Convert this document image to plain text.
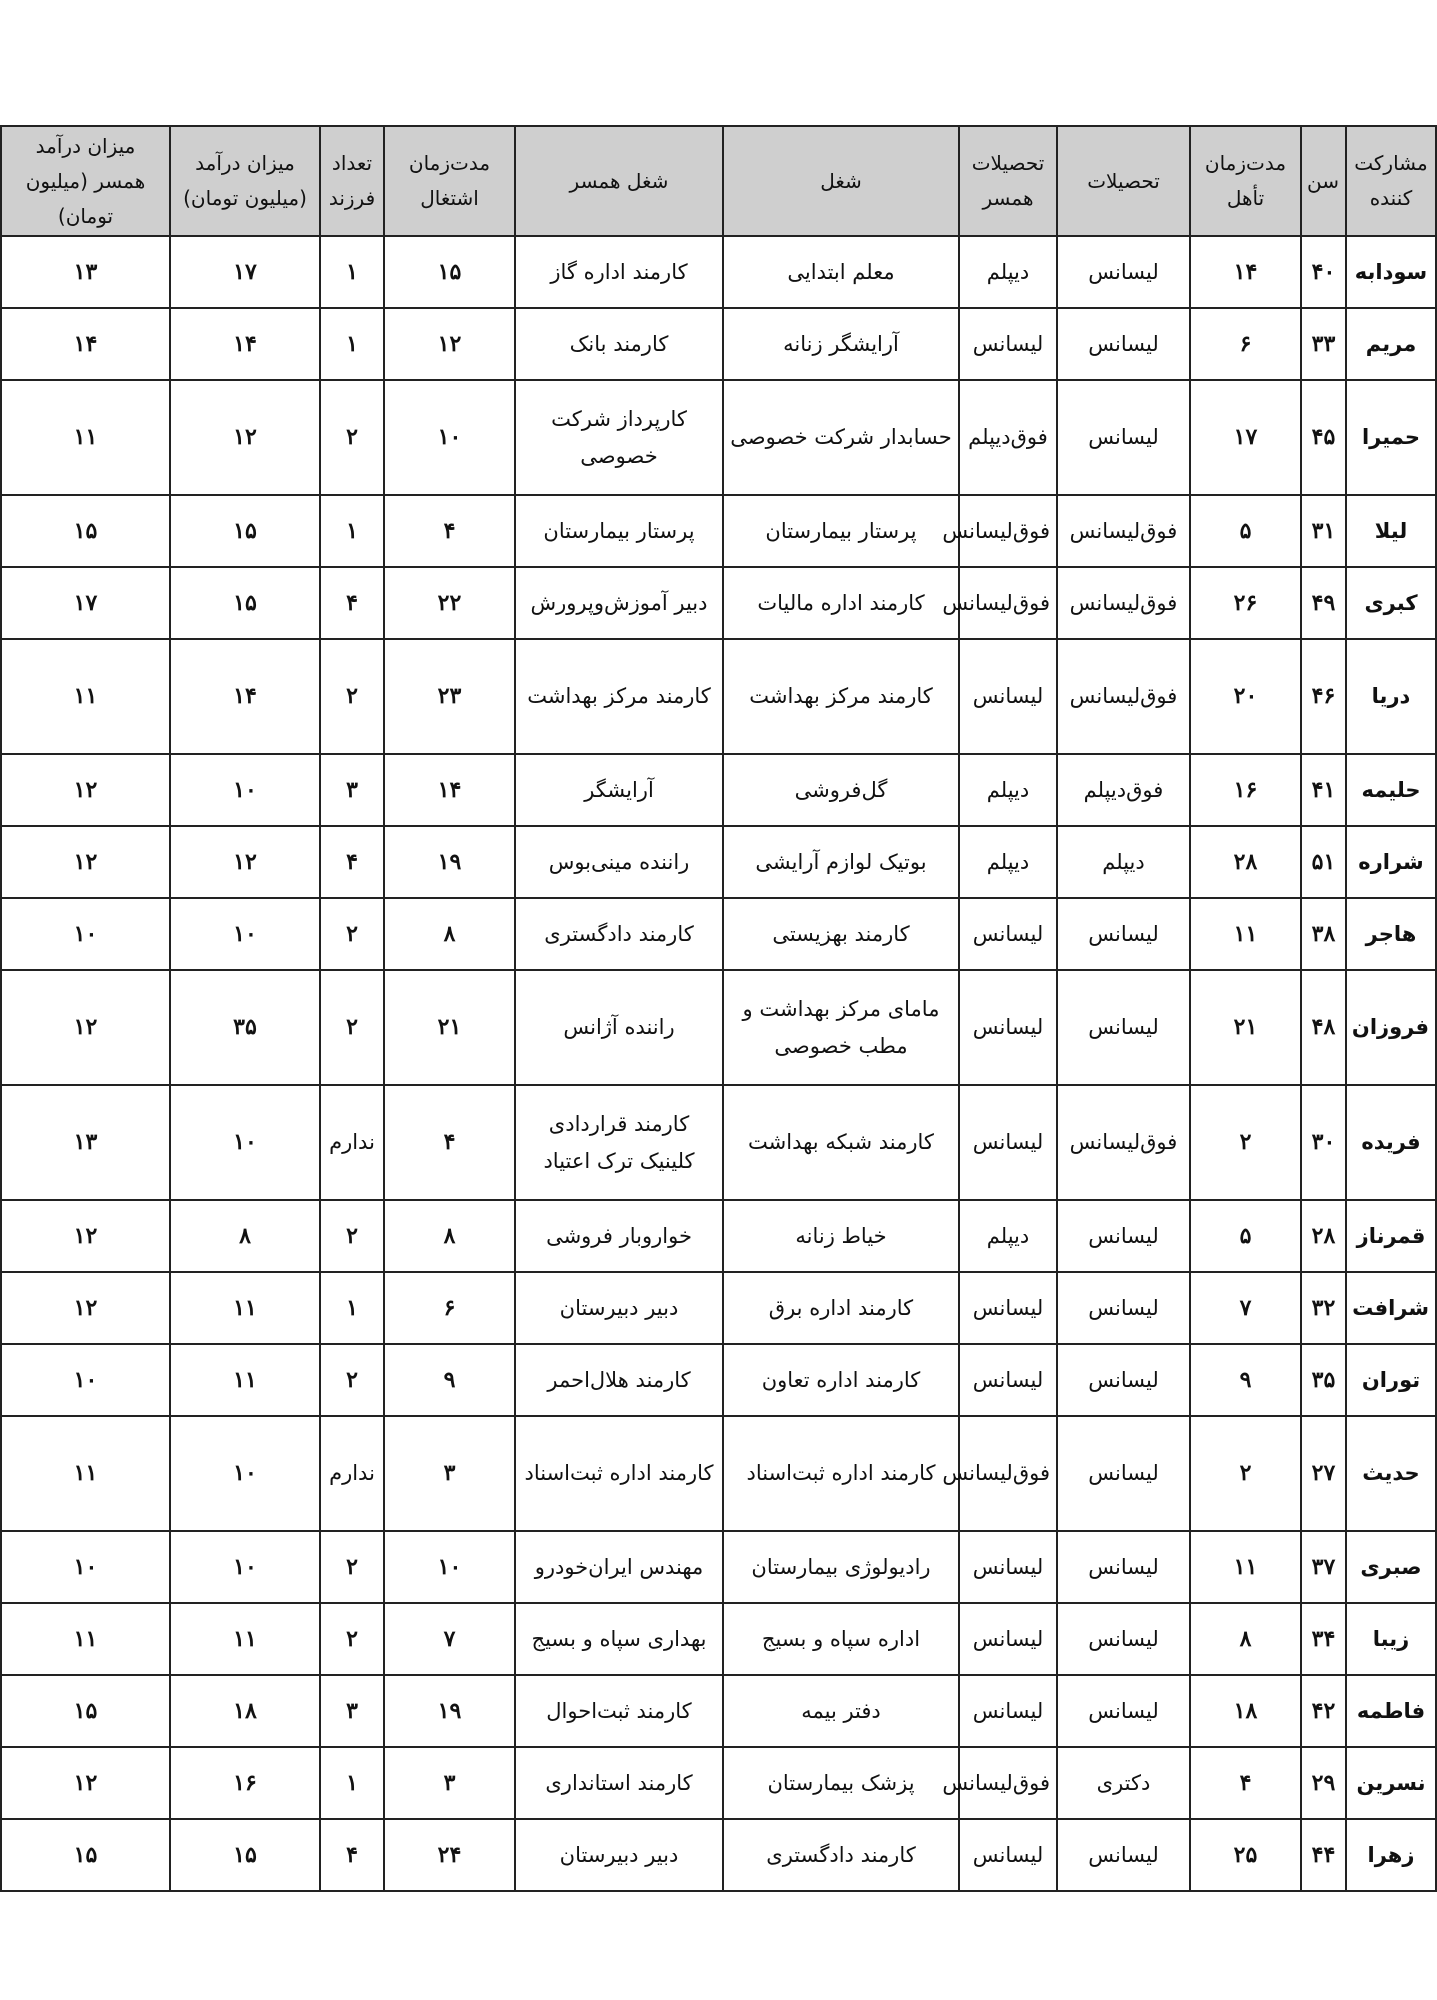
مشارکت کننده	سن	مدت‌زمان تأهل	تحصیلات	تحصیلات همسر	شغل	شغل همسر	مدت‌زمان اشتغال	تعداد فرزند	میزان درآمد (میلیون تومان)	میزان درآمد همسر (میلیون تومان)
سودابه	۴۰	۱۴	لیسانس	دیپلم	معلم ابتدایی	کارمند اداره گاز	۱۵	۱	۱۷	۱۳
مریم	۳۳	۶	لیسانس	لیسانس	آرایشگر زنانه	کارمند بانک	۱۲	۱	۱۴	۱۴
حمیرا	۴۵	۱۷	لیسانس	فوق‌دیپلم	حسابدار شرکت خصوصی	کارپرداز شرکت خصوصی	۱۰	۲	۱۲	۱۱
لیلا	۳۱	۵	فوق‌لیسانس	فوق‌لیسانس	پرستار بیمارستان	پرستار بیمارستان	۴	۱	۱۵	۱۵
کبری	۴۹	۲۶	فوق‌لیسانس	فوق‌لیسانس	کارمند اداره مالیات	دبیر آموزش‌وپرورش	۲۲	۴	۱۵	۱۷
دریا	۴۶	۲۰	فوق‌لیسانس	لیسانس	کارمند مرکز بهداشت	کارمند مرکز بهداشت	۲۳	۲	۱۴	۱۱
حلیمه	۴۱	۱۶	فوق‌دیپلم	دیپلم	گل‌فروشی	آرایشگر	۱۴	۳	۱۰	۱۲
شراره	۵۱	۲۸	دیپلم	دیپلم	بوتیک لوازم آرایشی	راننده مینی‌بوس	۱۹	۴	۱۲	۱۲
هاجر	۳۸	۱۱	لیسانس	لیسانس	کارمند بهزیستی	کارمند دادگستری	۸	۲	۱۰	۱۰
فروزان	۴۸	۲۱	لیسانس	لیسانس	مامای مرکز بهداشت و مطب خصوصی	راننده آژانس	۲۱	۲	۳۵	۱۲
فریده	۳۰	۲	فوق‌لیسانس	لیسانس	کارمند شبکه بهداشت	کارمند قراردادی کلینیک ترک اعتیاد	۴	ندارم	۱۰	۱۳
قمرناز	۲۸	۵	لیسانس	دیپلم	خیاط زنانه	خواروبار فروشی	۸	۲	۸	۱۲
شرافت	۳۲	۷	لیسانس	لیسانس	کارمند اداره برق	دبیر دبیرستان	۶	۱	۱۱	۱۲
توران	۳۵	۹	لیسانس	لیسانس	کارمند اداره تعاون	کارمند هلال‌احمر	۹	۲	۱۱	۱۰
حدیث	۲۷	۲	لیسانس	فوق‌لیسانس	کارمند اداره ثبت‌اسناد	کارمند اداره ثبت‌اسناد	۳	ندارم	۱۰	۱۱
صبری	۳۷	۱۱	لیسانس	لیسانس	رادیولوژی بیمارستان	مهندس ایران‌خودرو	۱۰	۲	۱۰	۱۰
زیبا	۳۴	۸	لیسانس	لیسانس	اداره سپاه و بسیج	بهداری سپاه و بسیج	۷	۲	۱۱	۱۱
فاطمه	۴۲	۱۸	لیسانس	لیسانس	دفتر بیمه	کارمند ثبت‌احوال	۱۹	۳	۱۸	۱۵
نسرین	۲۹	۴	دکتری	فوق‌لیسانس	پزشک بیمارستان	کارمند استانداری	۳	۱	۱۶	۱۲
زهرا	۴۴	۲۵	لیسانس	لیسانس	کارمند دادگستری	دبیر دبیرستان	۲۴	۴	۱۵	۱۵
